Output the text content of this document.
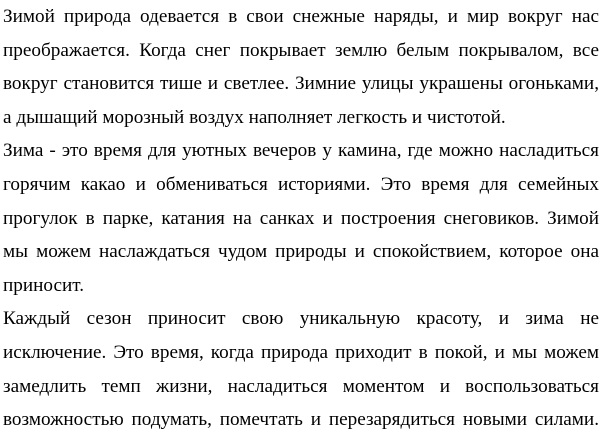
Зимой природа одевается в свои снежные наряды, и мир вокруг нас
преображается. Когда снег покрывает землю белым покрывалом, все
вокруг становится тише и светлее. Зимние улицы украшены огоньками,
а дышащий морозный воздух наполняет легкость и чистотой.
Зима - это время для уютных вечеров у камина, где можно насладиться
горячим какао и обмениваться историями. Это время для семейных
прогулок в парке, катания на санках и построения снеговиков. Зимой
мы можем наслаждаться чудом природы и спокойствием, которое она
приносит.
Каждый сезон приносит свою уникальную красоту, и зима не
исключение. Это время, когда природа приходит в покой, и мы можем
замедлить темп жизни, насладиться моментом и воспользоваться
возможностью подумать, помечтать и перезарядиться новыми силами.
